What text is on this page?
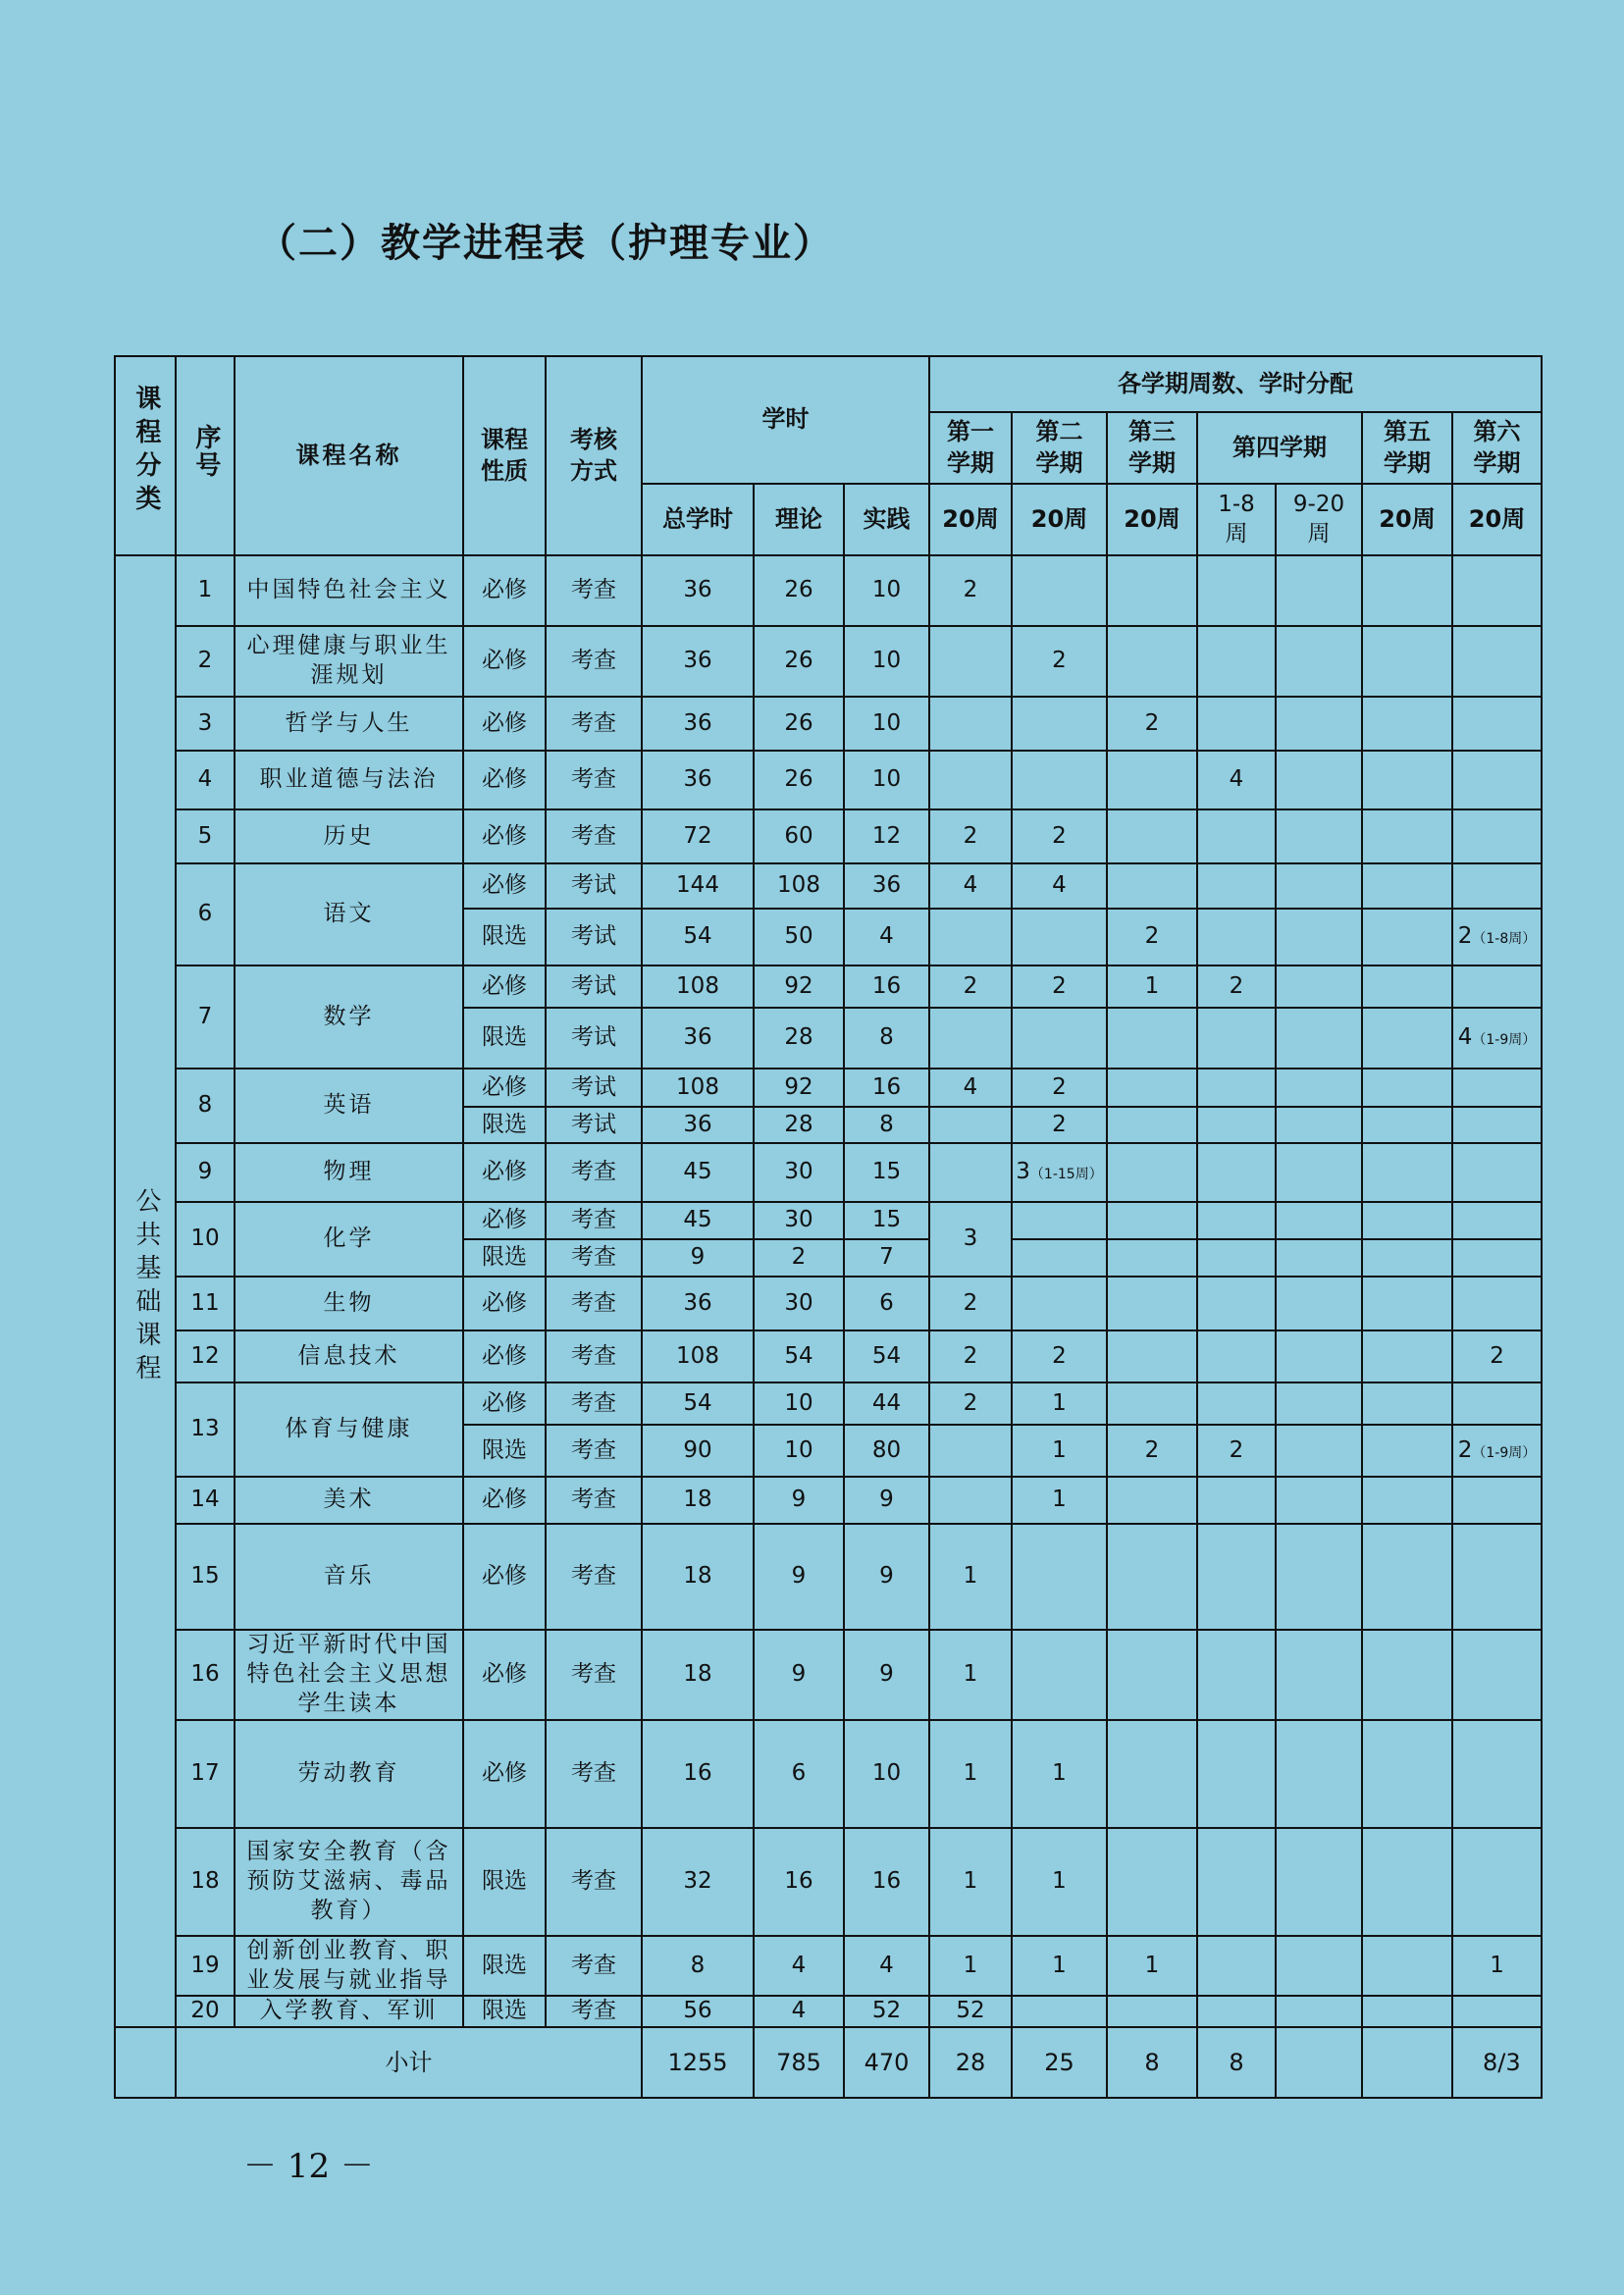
（二）教学进程表（护理专业）
课程分类	序号	课程名称	课程性质	考核方式	学时			各学期周数、学时分配						
								第一学期	第二学期	第三学期	第四学期		第五学期	第六学期
					总学时	理论	实践	20周	20周	20周	1-8周	9-20周	20周	20周
公共基础课程	1	中国特色社会主义	必修	考查	36	26	10	2						
	2	心理健康与职业生涯规划	必修	考查	36	26	10		2					
	3	哲学与人生	必修	考查	36	26	10			2				
	4	职业道德与法治	必修	考查	36	26	10				4			
	5	历史	必修	考查	72	60	12	2	2					
	6	语文	必修	考试	144	108	36	4	4					
			限选	考试	54	50	4			2				2（1-8周）
	7	数学	必修	考试	108	92	16	2	2	1	2			
			限选	考试	36	28	8							4（1-9周）
	8	英语	必修	考试	108	92	16	4	2					
			限选	考试	36	28	8		2					
	9	物理	必修	考查	45	30	15		3（1-15周）					
	10	化学	必修	考查	45	30	15	3						
			限选	考查	9	2	7							
	11	生物	必修	考查	36	30	6	2						
	12	信息技术	必修	考查	108	54	54	2	2					2
	13	体育与健康	必修	考查	54	10	44	2	1					
			限选	考查	90	10	80		1	2	2			2（1-9周）
	14	美术	必修	考查	18	9	9		1					
	15	音乐	必修	考查	18	9	9	1						
	16	习近平新时代中国特色社会主义思想学生读本	必修	考查	18	9	9	1						
	17	劳动教育	必修	考查	16	6	10	1	1					
	18	国家安全教育（含预防艾滋病、毒品教育）	限选	考查	32	16	16	1	1					
	19	创新创业教育、职业发展与就业指导	限选	考查	8	4	4	1	1	1				1
	20	入学教育、军训	限选	考查	56	4	52	52						
	小计				1255	785	470	28	25	8	8			8/3
－ 12 －
